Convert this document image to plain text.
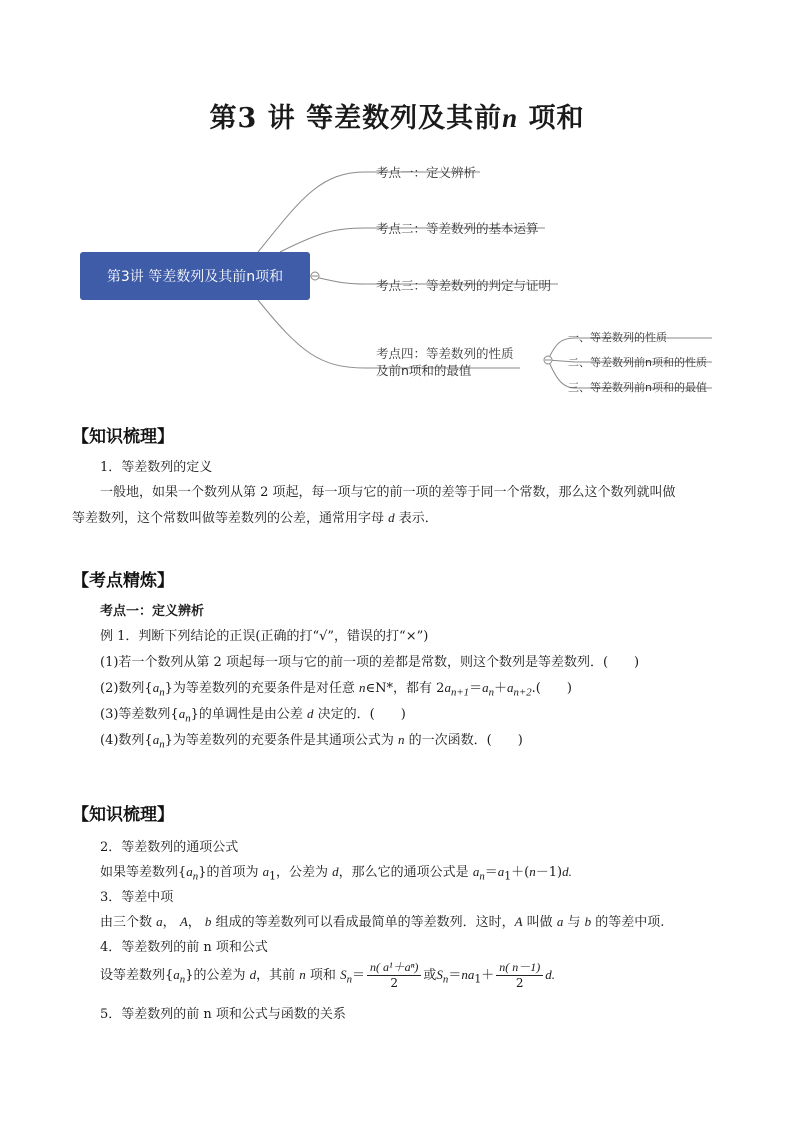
第3 讲 等差数列及其前n 项和
第3讲 等差数列及其前n项和
考点一：定义辨析
考点二：等差数列的基本运算
考点三：等差数列的判定与证明
考点四：等差数列的性质
及前n项和的最值
一、等差数列的性质
二、等差数列前n项和的性质
三、等差数列前n项和的最值
【知识梳理】
1．等差数列的定义
一般地，如果一个数列从第 2 项起，每一项与它的前一项的差等于同一个常数，那么这个数列就叫做
等差数列，这个常数叫做等差数列的公差，通常用字母 d 表示．
【考点精炼】
考点一：定义辨析
例 1．判断下列结论的正误(正确的打“√”，错误的打“×”)
(1)若一个数列从第 2 项起每一项与它的前一项的差都是常数，则这个数列是等差数列．(　　)
(2)数列$\{a_n\}$为等差数列的充要条件是对任意 n∈N*，都有 $2a_{n+1}=a_n+a_{n+2}$.(　　)
(3)等差数列$\{a_n\}$的单调性是由公差 d 决定的．(　　)
(4)数列$\{a_n\}$为等差数列的充要条件是其通项公式为 n 的一次函数．(　　)
【知识梳理】
2．等差数列的通项公式
如果等差数列$\{a_n\}$的首项为 $a_1$，公差为 d，那么它的通项公式是 $a_n=a_1+(n-1)d$.
3．等差中项
由三个数 a， A， b 组成的等差数列可以看成最简单的等差数列．这时，A 叫做 a 与 b 的等差中项.
4．等差数列的前 n 项和公式
设等差数列$\{a_n\}$的公差为 d，其前 n 项和 $S_n= \frac{\text{n( a¹＋aⁿ)}}{2}$ 或$S_n=na_1+ \frac{n( n-1)}{2} d$.
5．等差数列的前 n 项和公式与函数的关系
